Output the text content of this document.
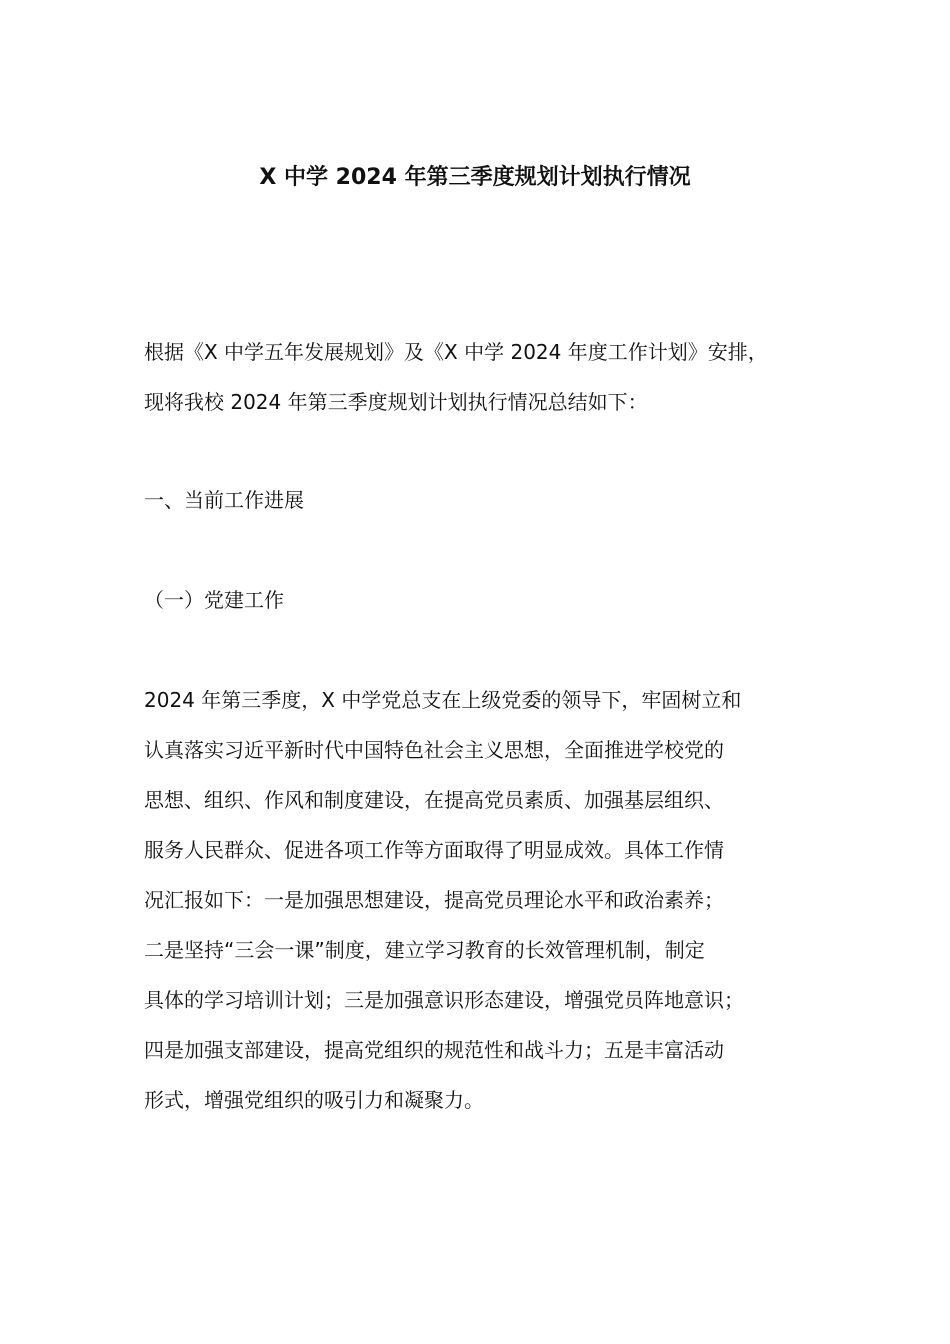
X 中学 2024 年第三季度规划计划执行情况
根据《X 中学五年发展规划》及《X 中学 2024 年度工作计划》安排，
现将我校 2024 年第三季度规划计划执行情况总结如下：
一、当前工作进展
（一）党建工作
2024 年第三季度，X 中学党总支在上级党委的领导下，牢固树立和
认真落实习近平新时代中国特色社会主义思想，全面推进学校党的
思想、组织、作风和制度建设，在提高党员素质、加强基层组织、
服务人民群众、促进各项工作等方面取得了明显成效。具体工作情
况汇报如下：一是加强思想建设，提高党员理论水平和政治素养；
二是坚持“三会一课”制度，建立学习教育的长效管理机制，制定
具体的学习培训计划；三是加强意识形态建设，增强党员阵地意识；
四是加强支部建设，提高党组织的规范性和战斗力；五是丰富活动
形式，增强党组织的吸引力和凝聚力。
